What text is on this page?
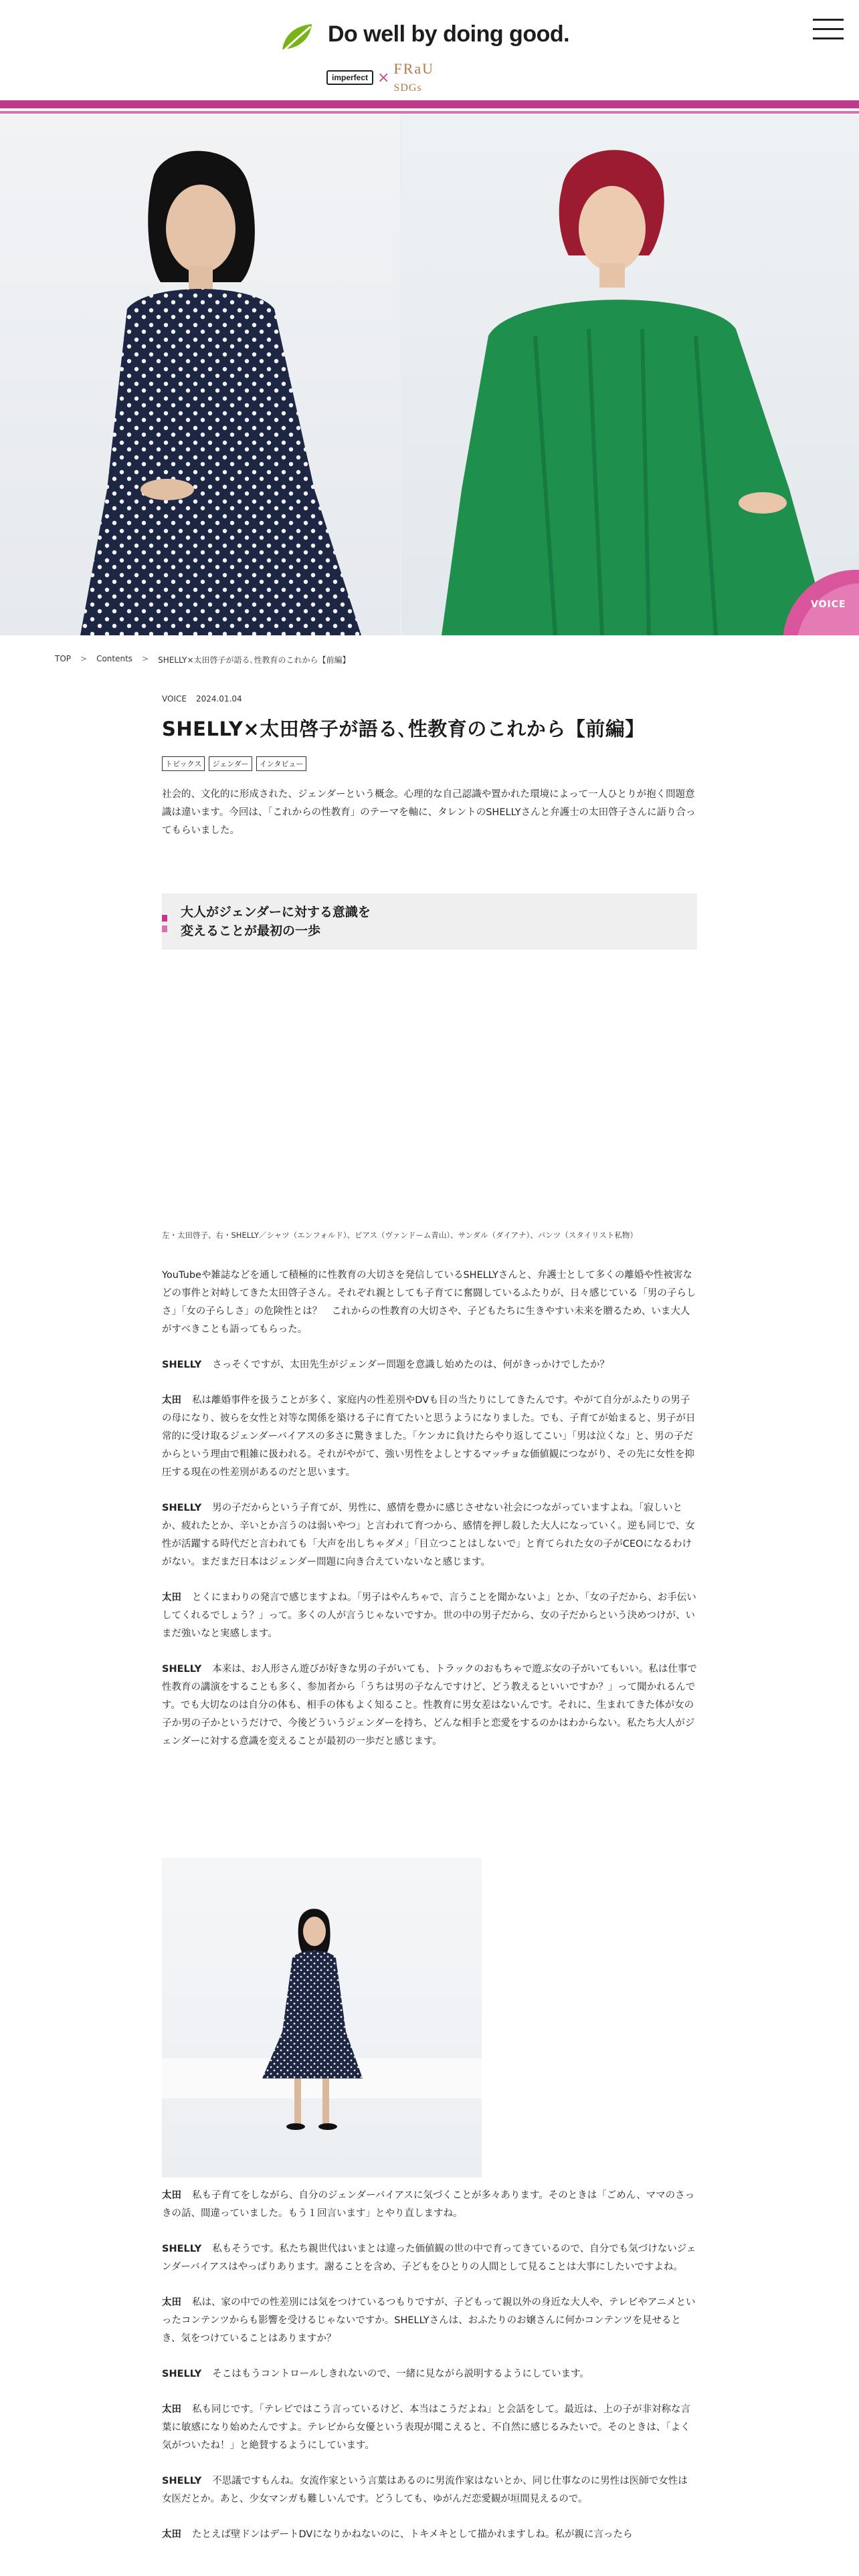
Do well by doing good.
imperfect ×
FRaU SDGs
VOICE
TOP > Contents > SHELLY×太田啓子が語る､性教育のこれから【前編】
VOICE 2024.01.04
SHELLY×太田啓子が語る､性教育のこれから【前編】
トピックス	ジェンダー	インタビュー
社会的、文化的に形成された、ジェンダーという概念。心理的な自己認識や置かれた環境によって一人ひとりが抱く問題意識は違います。今回は、「これからの性教育」のテーマを軸に、タレントのSHELLYさんと弁護士の太田啓子さんに語り合ってもらいました。
大人がジェンダーに対する意識を
変えることが最初の一歩
左・太田啓子、右・SHELLY／シャツ（エンフォルド）、ピアス（ヴァンドーム青山）、サンダル（ダイアナ）、パンツ（スタイリスト私物）

YouTubeや雑誌などを通して積極的に性教育の大切さを発信しているSHELLYさんと、弁護士として多くの離婚や性被害などの事件と対峙してきた太田啓子さん。それぞれ親としても子育てに奮闘しているふたりが、日々感じている「男の子らしさ」「女の子らしさ」の危険性とは？　これからの性教育の大切さや、子どもたちに生きやすい未来を贈るため、いま大人がすべきことも語ってもらった。

SHELLY さっそくですが、太田先生がジェンダー問題を意識し始めたのは、何がきっかけでしたか？

太田 私は離婚事件を扱うことが多く、家庭内の性差別やDVも目の当たりにしてきたんです。やがて自分がふたりの男子の母になり、彼らを女性と対等な関係を築ける子に育てたいと思うようになりました。でも、子育てが始まると、男子が日常的に受け取るジェンダーバイアスの多さに驚きました。「ケンカに負けたらやり返してこい」「男は泣くな」と、男の子だからという理由で粗雑に扱われる。それがやがて、強い男性をよしとするマッチョな価値観につながり、その先に女性を抑圧する現在の性差別があるのだと思います。

SHELLY 男の子だからという子育てが、男性に、感情を豊かに感じさせない社会につながっていますよね。「寂しいとか、疲れたとか、辛いとか言うのは弱いやつ」と言われて育つから、感情を押し殺した大人になっていく。逆も同じで、女性が活躍する時代だと言われても「大声を出しちゃダメ」「目立つことはしないで」と育てられた女の子がCEOになるわけがない。まだまだ日本はジェンダー問題に向き合えていないなと感じます。

太田 とくにまわりの発言で感じますよね。「男子はやんちゃで、言うことを聞かないよ」とか、「女の子だから、お手伝いしてくれるでしょう？」って。多くの人が言うじゃないですか。世の中の男子だから、女の子だからという決めつけが、いまだ強いなと実感します。

SHELLY 本来は、お人形さん遊びが好きな男の子がいても、トラックのおもちゃで遊ぶ女の子がいてもいい。私は仕事で性教育の講演をすることも多く、参加者から「うちは男の子なんですけど、どう教えるといいですか？」って聞かれるんです。でも大切なのは自分の体も、相手の体もよく知ること。性教育に男女差はないんです。それに、生まれてきた体が女の子か男の子かというだけで、今後どういうジェンダーを持ち、どんな相手と恋愛をするのかはわからない。私たち大人がジェンダーに対する意識を変えることが最初の一歩だと感じます。

太田 私も子育てをしながら、自分のジェンダーバイアスに気づくことが多々あります。そのときは「ごめん、ママのさっきの話、間違っていました。もう１回言います」とやり直しますね。

SHELLY 私もそうです。私たち親世代はいまとは違った価値観の世の中で育ってきているので、自分でも気づけないジェンダーバイアスはやっぱりあります。謝ることを含め、子どもをひとりの人間として見ることは大事にしたいですよね。

太田 私は、家の中での性差別には気をつけているつもりですが、子どもって親以外の身近な大人や、テレビやアニメといったコンテンツからも影響を受けるじゃないですか。SHELLYさんは、おふたりのお嬢さんに何かコンテンツを見せるとき、気をつけていることはありますか？

SHELLY そこはもうコントロールしきれないので、一緒に見ながら説明するようにしています。

太田 私も同じです。「テレビではこう言っているけど、本当はこうだよね」と会話をして。最近は、上の子が非対称な言葉に敏感になり始めたんですよ。テレビから女優という表現が聞こえると、不自然に感じるみたいで。そのときは、「よく気がついたね！」と絶賛するようにしています。

SHELLY 不思議ですもんね。女流作家という言葉はあるのに男流作家はないとか、同じ仕事なのに男性は医師で女性は女医だとか。あと、少女マンガも難しいんです。どうしても、ゆがんだ恋愛観が垣間見えるので。

太田 たとえば壁ドンはデートDVになりかねないのに、トキメキとして描かれますしね。私が親に言ったら
